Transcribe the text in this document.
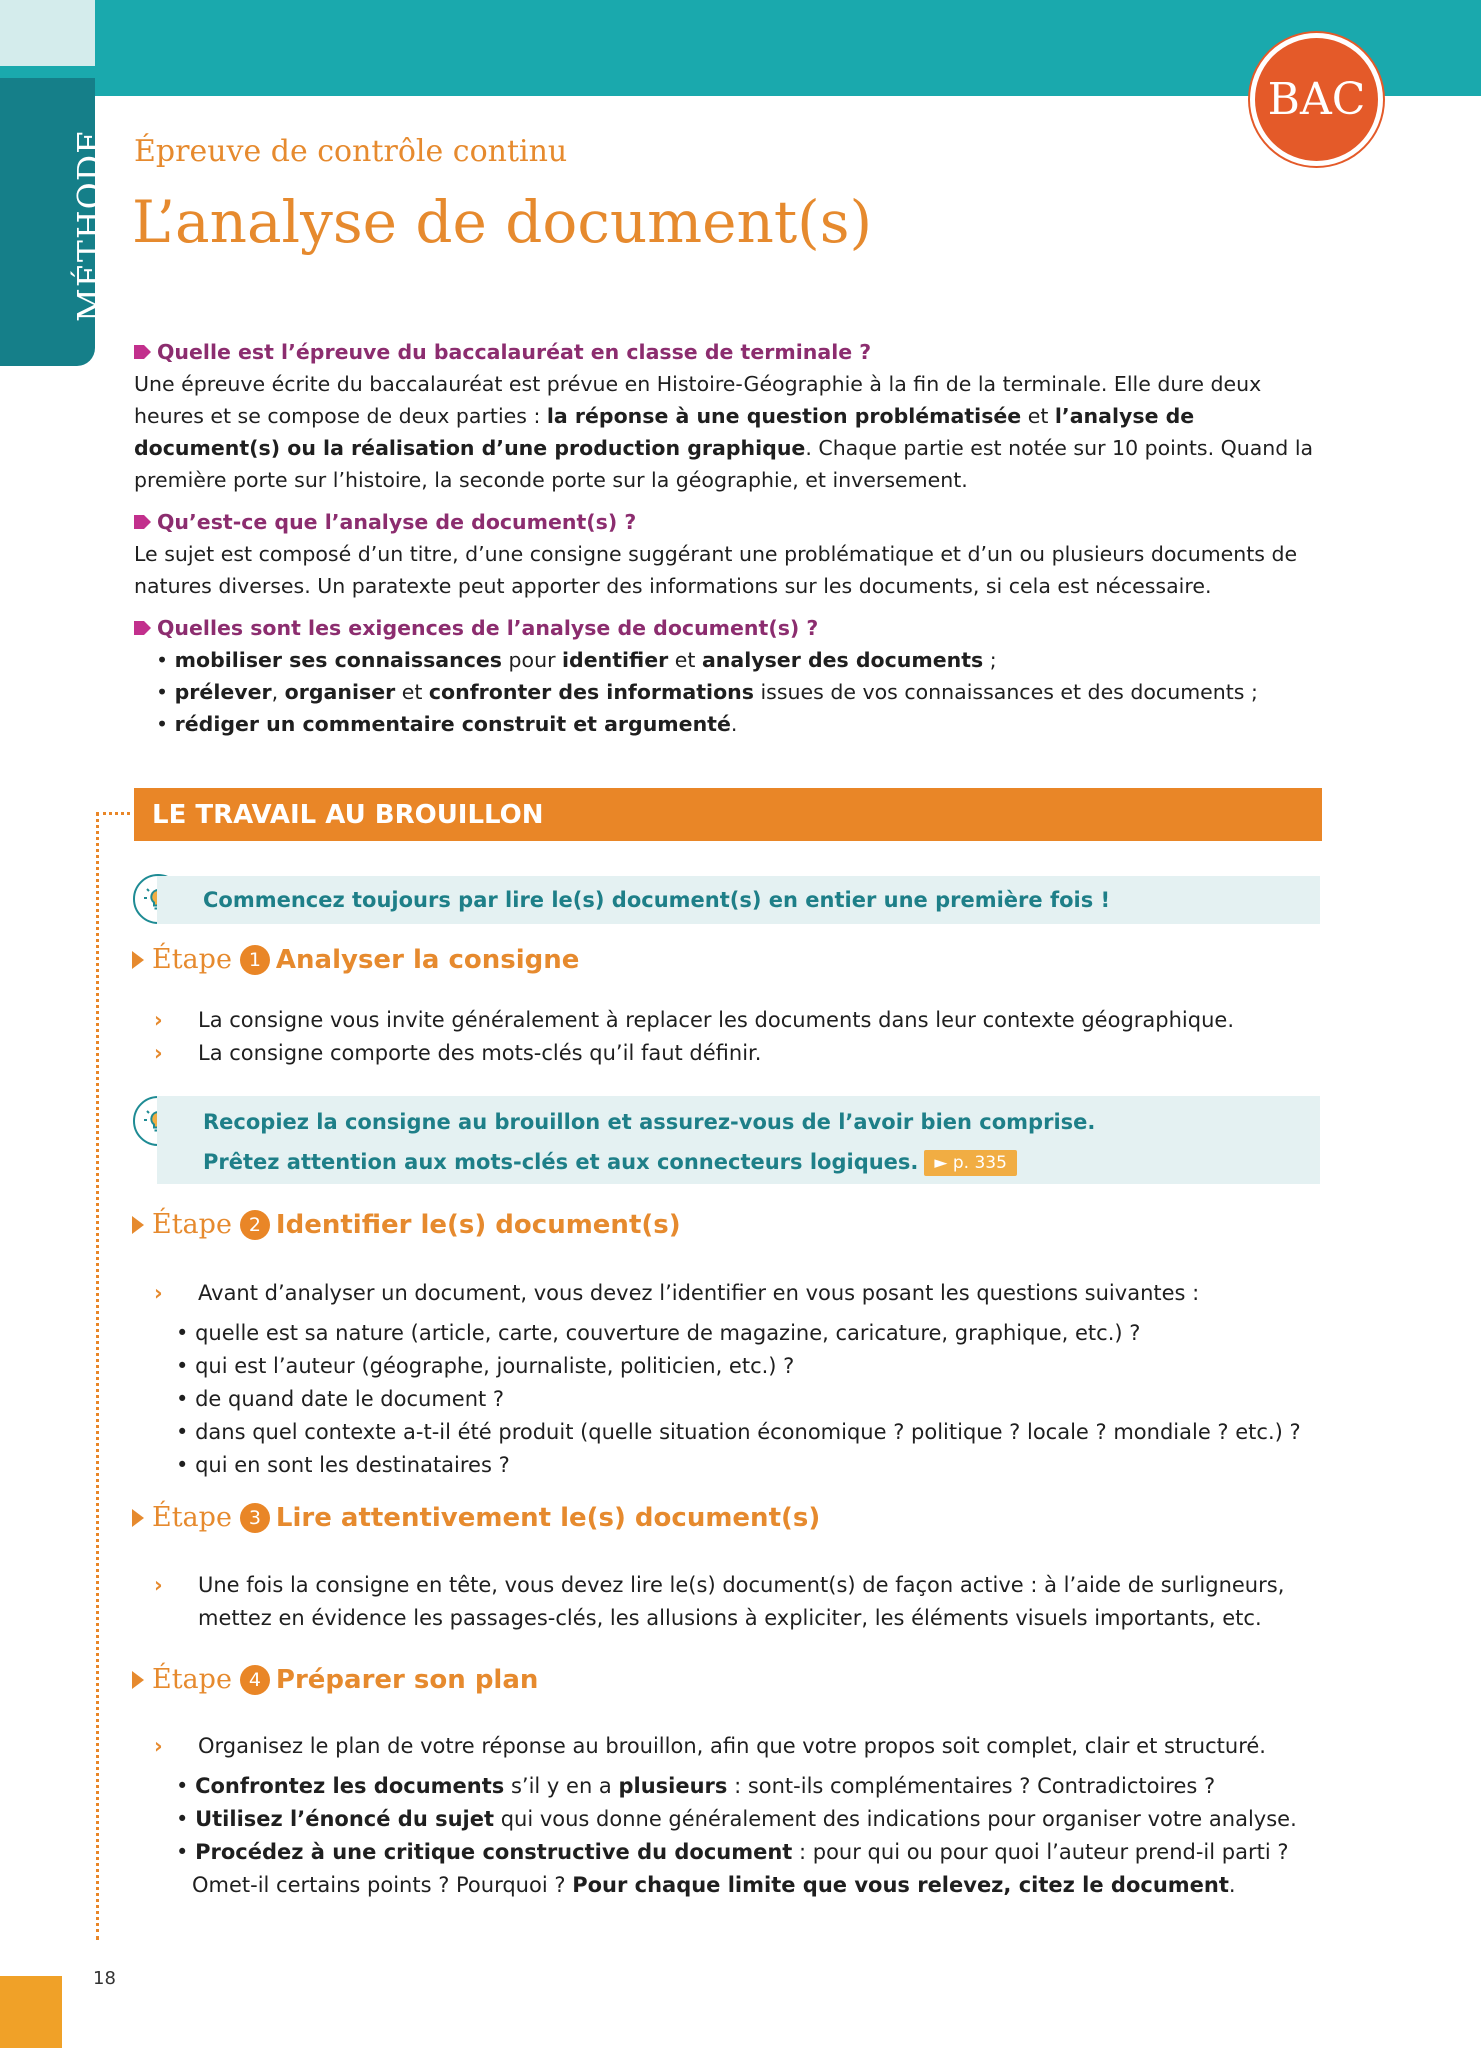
MÉTHODE
BAC
Épreuve de contrôle continu
L’analyse de document(s)
Quelle est l’épreuve du baccalauréat en classe de terminale ?

Une épreuve écrite du baccalauréat est prévue en Histoire-Géographie à la fin de la terminale. Elle dure deux heures et se compose de deux parties : la réponse à une question problématisée et l’analyse de document(s) ou la réalisation d’une production graphique. Chaque partie est notée sur 10 points. Quand la première porte sur l’histoire, la seconde porte sur la géographie, et inversement.

Qu’est-ce que l’analyse de document(s) ?

Le sujet est composé d’un titre, d’une consigne suggérant une problématique et d’un ou plusieurs documents de natures diverses. Un paratexte peut apporter des informations sur les documents, si cela est nécessaire.

Quelles sont les exigences de l’analyse de document(s) ?

• mobiliser ses connaissances pour identifier et analyser des documents ;

• prélever, organiser et confronter des informations issues de vos connaissances et des documents ;

• rédiger un commentaire construit et argumenté.

LE TRAVAIL AU BROUILLON
Commencez toujours par lire le(s) document(s) en entier une première fois !
Étape 1 Analyser la consigne

› La consigne vous invite généralement à replacer les documents dans leur contexte géographique.

› La consigne comporte des mots-clés qu’il faut définir.

Recopiez la consigne au brouillon et assurez-vous de l’avoir bien comprise.
Prêtez attention aux mots-clés et aux connecteurs logiques. ► p. 335
Étape 2 Identifier le(s) document(s)

› Avant d’analyser un document, vous devez l’identifier en vous posant les questions suivantes :

• quelle est sa nature (article, carte, couverture de magazine, caricature, graphique, etc.) ?

• qui est l’auteur (géographe, journaliste, politicien, etc.) ?

• de quand date le document ?

• dans quel contexte a-t-il été produit (quelle situation économique ? politique ? locale ? mondiale ? etc.) ?

• qui en sont les destinataires ?

Étape 3 Lire attentivement le(s) document(s)

› Une fois la consigne en tête, vous devez lire le(s) document(s) de façon active : à l’aide de surligneurs, mettez en évidence les passages-clés, les allusions à expliciter, les éléments visuels importants, etc.

Étape 4 Préparer son plan

› Organisez le plan de votre réponse au brouillon, afin que votre propos soit complet, clair et structuré.

• Confrontez les documents s’il y en a plusieurs : sont-ils complémentaires ? Contradictoires ?

• Utilisez l’énoncé du sujet qui vous donne généralement des indications pour organiser votre analyse.

• Procédez à une critique constructive du document : pour qui ou pour quoi l’auteur prend-il parti ? Omet-il certains points ? Pourquoi ? Pour chaque limite que vous relevez, citez le document.

18
